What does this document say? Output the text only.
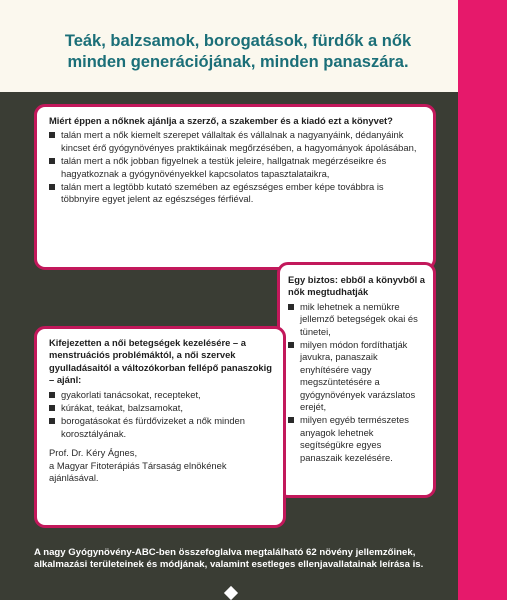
Teák, balzsamok, borogatások, fürdők a nők
minden generációjának, minden panaszára.

Miért éppen a nőknek ajánlja a szerző, a szakember és a kiadó ezt a könyvet?

talán mert a nők kiemelt szerepet vállaltak és vállalnak a nagyanyáink, dédanyáink kincset érő gyógynövényes praktikáinak megőrzésében, a hagyományok ápolásában,
talán mert a nők jobban figyelnek a testük jeleire, hallgatnak megérzéseikre és hagyatkoznak a gyógynövényekkel kapcsolatos tapasztalataikra,
talán mert a legtöbb kutató szemében az egészséges ember képe továbbra is többnyire egyet jelent az egészséges férfiéval.

Egy biztos: ebből a könyvből a nők megtudhatják

mik lehetnek a nemükre jellemző betegségek okai és tünetei,
milyen módon fordíthatják javukra, panaszaik enyhítésére vagy megszüntetésére a gyógynövények varázslatos erejét,
milyen egyéb természetes anyagok lehetnek segítségükre egyes panaszaik kezelésére.

Kifejezetten a női betegségek kezelésére – a menstruációs problémáktól, a női szervek gyulladásaitól a változókorban fellépő panaszokig – ajánl:

gyakorlati tanácsokat, recepteket,
kúrákat, teákat, balzsamokat,
borogatásokat és fürdővizeket a nők minden korosztályának.
Prof. Dr. Kéry Ágnes,
a Magyar Fitoterápiás Társaság elnökének ajánlásával.

A nagy Gyógynövény-ABC-ben összefoglalva megtalálható 62 növény jellemzőinek, alkalmazási területeinek és módjának, valamint esetleges ellenjavallatainak leírása is.
